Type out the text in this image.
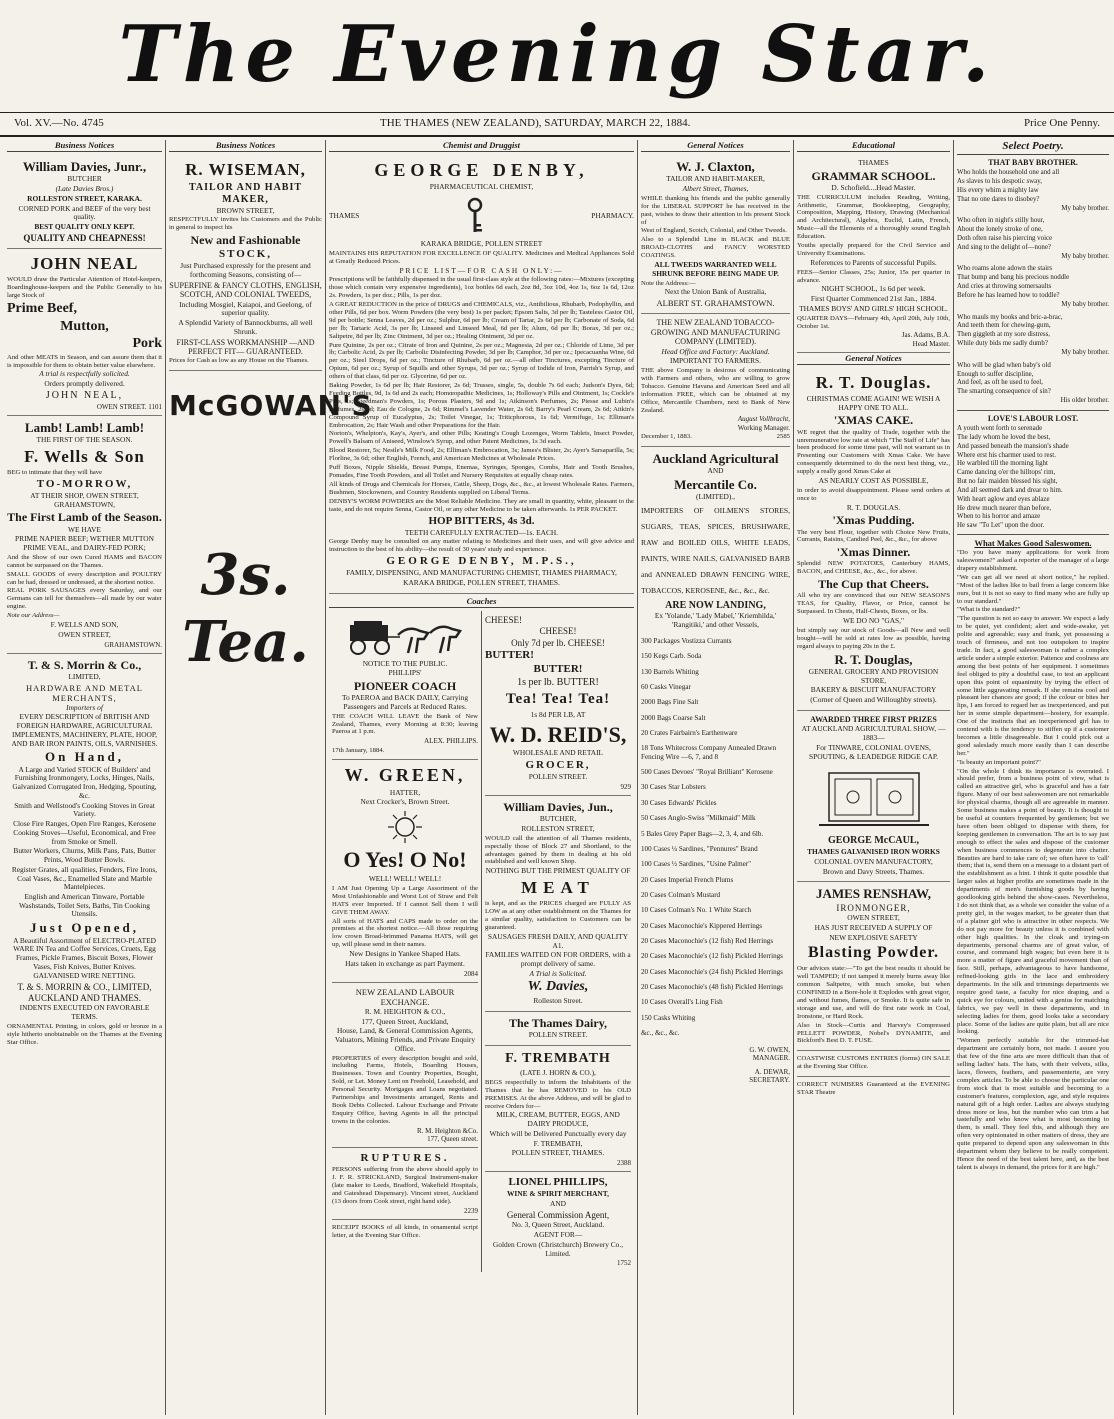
The Evening Star.
Vol. XV.—No. 4745	THE THAMES (NEW ZEALAND), SATURDAY, MARCH 22, 1884.	Price One Penny.
Business Notices
William Davies, Junr.,
BUTCHER
(Late Davies Bros.)
ROLLESTON STREET, KARAKA.
CORNED PORK and BEEF of the very best quality.
BEST QUALITY ONLY KEPT.
QUALITY AND CHEAPNESS!
JOHN NEAL
WOULD draw the Particular Attention of Hotel-keepers, Boardinghouse-keepers and the Public Generally to his large Stock of
Prime Beef,
Mutton,
Pork
And other MEATS in Season, and can assure them that it is impossible for them to obtain better value elsewhere.
A trial is respectfully solicited.
Orders promptly delivered.
JOHN NEAL,
OWEN STREET. 1101
Lamb! Lamb! Lamb!
THE FIRST OF THE SEASON.
F. Wells & Son
BEG to intimate that they will have
TO-MORROW,
AT THEIR SHOP, OWEN STREET, GRAHAMSTOWN,
The First Lamb of the Season.
WE HAVE
PRIME NAPIER BEEF; WETHER MUTTON PRIME VEAL, and DAIRY-FED PORK;
And the Show of our own Cured HAMS and BACON cannot be surpassed on the Thames.
SMALL GOODS of every description and POULTRY can be had, dressed or undressed, at the shortest notice.
REAL PORK SAUSAGES every Saturday, and our Germans can tell for themselves—all made by our water engine.
Note our Address—
F. WELLS AND SON,
OWEN STREET,
GRAHAMSTOWN.
T. & S. Morrin & Co.,
LIMITED,
HARDWARE AND METAL MERCHANTS,
Importers of
EVERY DESCRIPTION of BRITISH AND FOREIGN HARDWARE, AGRICULTURAL IMPLEMENTS, MACHINERY, PLATE, HOOP, AND BAR IRON PAINTS, OILS, VARNISHES.
On Hand,
A Large and Varied STOCK of Builders' and Furnishing Ironmongery, Locks, Hinges, Nails, Galvanized Corrugated Iron, Hedging, Spouting, &c.
Smith and Wellstood's Cooking Stoves in Great Variety.
Close Fire Ranges, Open Fire Ranges, Kerosene Cooking Stoves—Useful, Economical, and Free from Smoke or Smell.
Butter Workers, Churns, Milk Pans, Pats, Butter Prints, Wood Butter Bowls.
Register Grates, all qualities, Fenders, Fire Irons, Coal Vases, &c., Enamelled Slate and Marble Mantelpieces.
English and American Tinware, Portable Washstands, Toilet Sets, Baths, Tin Cooking Utensils.
Just Opened,
A Beautiful Assortment of ELECTRO-PLATED WARE IN Tea and Coffee Services, Cruets, Egg Frames, Pickle Frames, Biscuit Boxes, Flower Vases, Fish Knives, Butter Knives.
GALVANISED WIRE NETTING.
T. & S. MORRIN & CO., LIMITED, AUCKLAND AND THAMES.
INDENTS EXECUTED ON FAVORABLE TERMS.
ORNAMENTAL Printing, in colors, gold or bronze in a style hitherto unobtainable on the Thames at the Evening Star Office.
Business Notices
R. WISEMAN,
TAILOR AND HABIT MAKER,
BROWN STREET,
RESPECTFULLY invites his Customers and the Public in general to inspect his
New and Fashionable
STOCK,
Just Purchased expressly for the present and forthcoming Seasons, consisting of—
SUPERFINE & FANCY CLOTHS, ENGLISH, SCOTCH, AND COLONIAL TWEEDS,
Including Mosgiel, Kaiapoi, and Geelong, of superior quality.
A Splendid Variety of Bannockburns, all well Shrunk.
FIRST-CLASS WORKMANSHIP —AND PERFECT FIT— GUARANTEED.
Prices for Cash as low as any House on the Thames.
McGOWAN'S
3s. Tea.
Chemist and Druggist
GEORGE DENBY,
PHARMACEUTICAL CHEMIST,
THAMES	PHARMACY.
KARAKA BRIDGE, POLLEN STREET
MAINTAINS HIS REPUTATION FOR EXCELLENCE OF QUALITY. Medicines and Medical Appliances Sold at Greatly Reduced Prices.
PRICE LIST—FOR CASH ONLY:—
Prescriptions will be faithfully dispensed in the usual first-class style at the following rates:—Mixtures (excepting those which contain very expensive ingredients), 1oz bottles 6d each, 2oz 8d, 3oz 10d, 4oz 1s, 6oz 1s 6d, 12oz 2s. Powders, 1s per doz.; Pills, 1s per doz.
A GREAT REDUCTION in the price of DRUGS and CHEMICALS, viz., Antibilious, Rhubarb, Podophyllin, and other Pills, 6d per box. Worm Powders (the very best) 1s per packet; Epsom Salts, 3d per lb; Tasteless Castor Oil, 9d per bottle; Senna Leaves, 2d per oz.; Sulphur, 6d per lb; Cream of Tartar, 2s 6d per lb; Carbonate of Soda, 6d per lb; Tartaric Acid, 3s per lb; Linseed and Linseed Meal, 6d per lb; Alum, 6d per lb; Borax, 3d per oz.; Saltpetre, 8d per lb; Zinc Ointment, 3d per oz.; Healing Ointment, 3d per oz.
Pure Quinine, 2s per oz.; Citrate of Iron and Quinine, 2s per oz.; Magnesia, 2d per oz.; Chloride of Lime, 3d per lb; Carbolic Acid, 2s per lb; Carbolic Disinfecting Powder, 3d per lb; Camphor, 3d per oz.; Ipecacuanha Wine, 6d per oz.; Steel Drops, 6d per oz.; Tincture of Rhubarb, 6d per oz.—all other Tinctures, excepting Tincture of Opium, 6d per oz.; Syrup of Squills and other Syrups, 3d per oz.; Syrup of Iodide of Iron, Parrish's Syrup, and others of that class, 6d per oz. Glycerine, 6d per oz.
Baking Powder, 1s 6d per lb; Hair Restorer, 2s 6d; Trusses, single, 5s, double 7s 6d each; Judson's Dyes, 6d; Feeding Bottles, 9d, 1s 6d and 2s each; Homœopathic Medicines, 1s; Holloway's Pills and Ointment, 1s; Cockle's Pills, 1s; Steedman's Powders, 1s; Porous Plasters, 9d and 1s; Atkinson's Perfumes, 2s; Piesse and Lubin's Perfumes, 2s 6d; Eau de Cologne, 2s 6d; Rimmel's Lavender Water, 2s 6d; Barry's Pearl Cream, 2s 6d; Aitkin's Compound Syrup of Eucalyptus, 2s; Toilet Vinegar, 1s; Triticphorous, 1s 6d; Vermifuge, 1s; Elliman's Embrocation, 2s; Hair Wash and other Preparations for the Hair.
Norton's, Whelpton's, Kay's, Ayer's, and other Pills; Keating's Cough Lozenges, Worm Tablets, Insect Powder, Powell's Balsam of Aniseed, Winslow's Syrup, and other Patent Medicines, 1s 3d each.
Blood Restorer, 5s; Nestle's Milk Food, 2s; Elliman's Embrocation, 3s; James's Blister, 2s; Ayer's Sarsaparilla, 5s; Florline, 3s 6d; other English, French, and American Medicines at Wholesale Prices.
Puff Boxes, Nipple Shields, Breast Pumps, Enemas, Syringes, Sponges, Combs, Hair and Tooth Brushes, Pomades, Fine Tooth Powders, and all Toilet and Nursery Requisites at equally cheap rates.
All kinds of Drugs and Chemicals for Horses, Cattle, Sheep, Dogs, &c., &c., at lowest Wholesale Rates. Farmers, Bushmen, Stockowners, and Country Residents supplied on Liberal Terms.
DENBY'S WORM POWDERS are the Most Reliable Medicine. They are small in quantity, white, pleasant to the taste, and do not require Senna, Castor Oil, or any other Medicine to be taken afterwards. 1s PER PACKET.
HOP BITTERS, 4s 3d.
TEETH CAREFULLY EXTRACTED—1s. EACH.
George Denby may be consulted on any matter relating to Medicines and their uses, and will give advice and instruction to the best of his ability—the result of 30 years' study and experience.
GEORGE DENBY, M.P.S.,
FAMILY, DISPENSING, AND MANUFACTURING CHEMIST, THAMES PHARMACY,
KARAKA BRIDGE, POLLEN STREET, THAMES.
Coaches
NOTICE TO THE PUBLIC.
PHILLIPS'
PIONEER COACH
To PAEROA and BACK DAILY, Carrying Passengers and Parcels at Reduced Rates.
THE COACH WILL LEAVE the Bank of New Zealand, Thames, every Morning at 8:30; leaving Paeroa at 1 p.m.
ALEX. PHILLIPS.
17th January, 1884.
W. GREEN,
HATTER,
Next Crocker's, Brown Street.
O Yes! O No!
WELL! WELL! WELL!
I AM Just Opening Up a Large Assortment of the Most Unfashionable and Worst Lot of Straw and Felt HATS ever Imported. If I cannot Sell them I will GIVE THEM AWAY.
All sorts of HATS and CAPS made to order on the premises at the shortest notice.—All those requiring low crown Broad-brimmed Panama HATS, will get up, will please send in their names.
New Designs in Yankee Shaped Hats.
Hats taken in exchange as part Payment.
2084
NEW ZEALAND LABOUR EXCHANGE.
R. M. HEIGHTON & CO.,
177, Queen Street, Auckland,
House, Land, & General Commission Agents, Valuators, Mining Friends, and Private Enquiry Office.
PROPERTIES of every description bought and sold, including Farms, Hotels, Boarding Houses, Businesses. Town and Country Properties, Bought, Sold, or Let. Money Lent on Freehold, Leasehold, and Personal Security. Mortgages and Loans negotiated. Partnerships and Investments arranged, Rents and Book Debts Collected. Labour Exchange and Private Enquiry Office, having Agents in all the principal towns in the colonies.
R. M. Heighton &Co.
177, Queen street.
RUPTURES.
PERSONS suffering from the above should apply to J. F. R. STRICKLAND, Surgical Instrument-maker (late maker to Leeds, Bradford, Wakefield Hospitals, and Gateshead Dispensary). Vincent street, Auckland (13 doors from Cook street, right hand side).
2239
RECEIPT BOOKS of all kinds, in ornamental script letter, at the Evening Star Office.
CHEESE!
CHEESE!
Only 7d per lb. CHEESE!
BUTTER!
BUTTER!
1s per lb. BUTTER!
Tea! Tea! Tea!
1s 8d PER LB, AT
W. D. REID'S,
WHOLESALE AND RETAIL
GROCER,
POLLEN STREET.
929
William Davies, Jun.,
BUTCHER,
ROLLESTON STREET,
WOULD call the attention of all Thames residents, especially those of Block 27 and Shortland, to the advantages gained by them in dealing at his old established and well known Shop.
NOTHING BUT THE PRIMEST QUALITY OF
MEAT
is kept, and as the PRICES charged are FULLY AS LOW as at any other establishment on the Thames for a similar quality, satisfaction to Customers can be guaranteed.
SAUSAGES FRESH DAILY, AND QUALITY A1.
FAMILIES WAITED ON FOR ORDERS, with a prompt delivery of same.
A Trial is Solicited.
W. Davies,
Rolleston Street.
The Thames Dairy,
POLLEN STREET.
F. TREMBATH
(LATE J. HORN & CO.),
BEGS respectfully to inform the Inhabitants of the Thames that he has REMOVED to his OLD PREMISES. At the above Address, and will be glad to receive Orders for—
MILK, CREAM, BUTTER, EGGS, AND DAIRY PRODUCE,
Which will be Delivered Punctually every day
F. TREMBATH,
POLLEN STREET, THAMES.
2388
LIONEL PHILLIPS,
WINE & SPIRIT MERCHANT,
AND
General Commission Agent,
No. 3, Queen Street, Auckland.
AGENT FOR—
Golden Crown (Christchurch) Brewery Co., Limited.
1752
General Notices
W. J. Claxton,
TAILOR AND HABIT-MAKER,
Albert Street, Thames,
WHILE thanking his friends and the public generally for the LIBERAL SUPPORT he has received in the past, wishes to draw their attention to his present Stock of
West of England, Scotch, Colonial, and Other Tweeds.
Also to a Splendid Line in BLACK and BLUE BROAD-CLOTHS and FANCY WORSTED COATINGS.
ALL TWEEDS WARRANTED WELL SHRUNK BEFORE BEING MADE UP.
Note the Address:—
Next the Union Bank of Australia,
ALBERT ST. GRAHAMSTOWN.
THE NEW ZEALAND TOBACCO-GROWING AND MANUFACTURING COMPANY (LIMITED).
Head Office and Factory: Auckland.
IMPORTANT TO FARMERS.
THE above Company is desirous of communicating with Farmers and others, who are willing to grow Tobacco. Genuine Havana and American Seed and all information FREE, which can be obtained at my Office, Mercantile Chambers, next to Bank of New Zealand.
August Vollbracht,
Working Manager.
December 1, 1883.	2585
Auckland Agricultural
AND
Mercantile Co.
(LIMITED).,
IMPORTERS OF OILMEN'S STORES, SUGARS, TEAS, SPICES, BRUSHWARE, RAW and BOILED OILS, WHITE LEADS, PAINTS, WIRE NAILS, GALVANISED BARB and ANNEALED DRAWN FENCING WIRE, TOBACCOS, KEROSENE, &c., &c., &c.
ARE NOW LANDING,
Ex 'Yolande,' 'Lady Mabel,' 'Kriemhilda,' 'Rangitiki,' and other Vessels,
300 Packages Vostizza Currants
150 Kegs Carb. Soda
130 Barrels Whiting
60 Casks Vinegar
2000 Bags Fine Salt
2000 Bags Coarse Salt
20 Crates Fairbairn's Earthenware
18 Tons Whitecross Company Annealed Drawn Fencing Wire —6, 7, and 8
500 Cases Devoes' "Royal Brilliant" Kerosene
30 Cases Star Lobsters
30 Cases Edwards' Pickles
50 Cases Anglo-Swiss "Milkmaid" Milk
5 Bales Grey Paper Bags—2, 3, 4, and 6lb.
100 Cases ¼ Sardines, "Pennures" Brand
100 Cases ½ Sardines, "Usine Palmer"
20 Cases Imperial French Plums
20 Cases Colman's Mustard
10 Cases Colman's No. 1 White Starch
20 Cases Maconochie's Kippered Herrings
20 Cases Maconochie's (12 fish) Red Herrings
20 Cases Maconochie's (12 fish) Pickled Herrings
20 Cases Maconochie's (24 fish) Pickled Herrings
20 Cases Maconochie's (48 fish) Pickled Herrings
10 Cases Overall's Ling Fish
150 Casks Whiting
&c., &c., &c.
G. W. OWEN,
MANAGER.
A. DEWAR,
SECRETARY.
Educational
THAMES
GRAMMAR SCHOOL.
D. Schofield....Head Master.
THE CURRICULUM includes Reading, Writing, Arithmetic, Grammar, Bookkeeping, Geography, Composition, Mapping, History, Drawing (Mechanical and Architectural), Algebra, Euclid, Latin, French, Music—all the Elements of a thoroughly sound English Education.
Youths specially prepared for the Civil Service and University Examinations.
References to Parents of successful Pupils.
FEES—Senior Classes, 25s; Junior, 15s per quarter in advance.
NIGHT SCHOOL, 1s 6d per week.
First Quarter Commenced 21st Jan., 1884.
THAMES BOYS' AND GIRLS' HIGH SCHOOL.
QUARTER DAYS—February 4th, April 20th, July 10th, October 1st.
Jas. Adams, B.A.
Head Master.
General Notices
R. T. Douglas.
CHRISTMAS COME AGAIN! WE WISH A HAPPY ONE TO ALL.
'XMAS CAKE.
WE regret that the quality of Trade, together with the unremunerative low rate at which "The Staff of Life" has been produced for some time past, will not warrant us in Presenting our Customers with Xmas Cake. We have consequently determined to do the next best thing, viz., supply a really good Xmas Cake at
AS NEARLY COST AS POSSIBLE,
in order to avoid disappointment. Please send orders at once to
R. T. DOUGLAS.
'Xmas Pudding.
The very best Flour, together with Choice New Fruits, Currants, Raisins, Candied Peel, &c., &c., for above
'Xmas Dinner.
Splendid NEW POTATOES, Canterbury HAMS, BACON, and CHEESE, &c., &c., for above.
The Cup that Cheers.
All who try are convinced that our NEW SEASON'S TEAS, for Quality, Flavor, or Price, cannot be Surpassed. In Chests, Half-Chests, Boxes, or lbs.
WE DO NO "GAS,"
but simply say our stock of Goods—all New and well bought—will be sold at rates low as possible, having regard always to paying 20s in the £.
R. T. Douglas,
GENERAL GROCERY AND PROVISION STORE,
BAKERY & BISCUIT MANUFACTORY
(Corner of Queen and Willoughby streets).
AWARDED THREE FIRST PRIZES
AT AUCKLAND AGRICULTURAL SHOW, —1883—
For TINWARE, COLONIAL OVENS, SPOUTING, & LEADEDGE RIDGE CAP.
GEORGE McCAUL,
THAMES GALVANISED IRON WORKS
COLONIAL OVEN MANUFACTORY,
Brown and Davy Streets, Thames.
JAMES RENSHAW,
IRONMONGER,
OWEN STREET,
HAS JUST RECEIVED A SUPPLY OF
NEW EXPLOSIVE SAFETY
Blasting Powder.
Our advices state:—"To get the best results it should be well TAMPED; if not tamped it merely burns away like common Saltpetre, with much smoke, but when CONFINED in a Bore-hole it Explodes with great vigor, and without fumes, flames, or Smoke. It is quite safe in storage and use, and will do first rate work in Coal, Ironstone, or Hard Rock.
Also in Stock—Curtis and Harvey's Compressed PELLETT POWDER, Nobel's DYNAMITE, and Bickford's Best D. T. FUSE.
COASTWISE CUSTOMS ENTRIES (forms) ON SALE at the Evening Star Office.
CORRECT NUMBERS Guaranteed at the EVENING STAR Theatre
Select Poetry.
THAT BABY BROTHER.
Who holds the household one and all
As slaves to his despotic sway,
His every whim a mighty law
That no one dares to disobey?
My baby brother.
Who often in night's stilly hour,
About the lonely stroke of one,
Doth often raise his piercing voice
And sing to the delight of—none?
My baby brother.
Who roams alone adown the stairs
That bump and bang his precious noddle
And cries at throwing somersaults
Before he has learned how to toddle?
My baby brother.
Who mauls my books and bric-a-brac,
And teeth them for chewing-gum,
Then giggleth at my sore distress,
While duty bids me sadly dumb?
My baby brother.
Who will be glad when baby's old
Enough to suffer discipline,
And feel, as oft he used to feel,
The smarting consequence of sin?
His older brother.
LOVE'S LABOUR LOST.
A youth went forth to serenade
The lady whom he loved the best,
And passed beneath the mansion's shade
Where erst his charmer used to rest.
He warbled till the morning light
Came dancing o'er the hilltops' rim,
But no fair maiden blessed his sight,
And all seemed dark and drear to him.
With heart aglow and eyes ablaze
He drew much nearer than before,
When to his horror and amaze
He saw "To Let" upon the door.
What Makes Good Saleswomen.
"Do you have many applications for work from saleswomen?" asked a reporter of the manager of a large drapery establishment.
"We can get all we need at short notice," he replied. "Most of the ladies like to bail from a large concern like ours, but it is not so easy to find many who are fully up to our standard."
"What is the standard?"
"The question is not so easy to answer. We expect a lady to be quiet, yet confident; alert and wide-awake, yet polite and agreeable; easy and frank, yet possessing a touch of firmness, and not too outspoken to inspire trade. In fact, a good saleswoman is rather a complex article under a simple exterior. Patience and coolness are among the best points of her equipment. I sometimes feel obliged to pity a doubtful case, to test an applicant upon this point of equanimity by trying the effect of some little aggravating remark. If she remains cool and pleasant her chances are good; if the colour or bites her lips, I am forced to regard her as inexperienced, and put her in some simple department—hosiery, for example. One of the instincts that an inexperienced girl has to contend with is the tendency to stiffen up if a customer becomes a little disagreeable. But I could pick out a good saleslady much more easily than I can describe her."
"Is beauty an important point?"
"On the whole I think its importance is overrated. I should prefer, from a business point of view, what is called an attractive girl, who is graceful and has a fair figure. Many of our best saleswomen are not remarkable for physical charms, though all are agreeable in manner. Some business makes a point of beauty. It is thought to be useful at counters frequented by gentlemen; but we have often been obliged to dispense with them, for keeping gentlemen in conversation. The art is to say just enough to effect the sales and dispose of the customer when business commences to degenerate into chatter. Beauties are hard to take care of; we often have to 'call' them; that is, send them on a message to a distant part of the establishment as a hint. I think it quite possible that larger sales at higher profits are sometimes made in the departments of men's furnishing goods by having goodlooking girls behind the show-cases. Nevertheless, I do not think that, as a whole we consider the value of a pretty girl, in the wages market, to be greater than that of a plainer girl who is attractive in other respects. We do not pay more for beauty unless it is combined with other high qualities. In the cloak and trying-on departments, personal charms are of great value, of course, and command high wages; but even here it is more a matter of figure and graceful movement than of face. Still, perhaps, advantageous to have handsome, refined-looking girls in the lace and embroidery departments. In the silk and trimmings departments we require good taste, a faculty for nice draping, and a quick eye for colours, united with a genius for matching fabrics, we pay well in these departments, and in selecting ladies for them, good looks take a secondary place. Some of the ladies are quite plain, but all are nice looking.
"Women perfectly suitable for the trimmed-hat department are certainly born, not made. I assure you that few of the fine arts are more difficult than that of selling ladies' hats. The hats, with their velvets, silks, laces, flowers, feathers, and passementerie, are very complex articles. To be able to choose the particular one from stock that is most suitable and becoming to a customer's features, complexion, age, and style requires natural gift of a high order. Ladies are always studying dress more or less, but the number who can trim a hat tastefully and who know what is most becoming to them, is small. They feel this, and although they are often very opinionated in other matters of dress, they are quite prepared to depend upon any saleswoman in this department whom they believe to be really competent. Hence the need of the best talent here, and, as the best talent is always in demand, the prices for it are high."
